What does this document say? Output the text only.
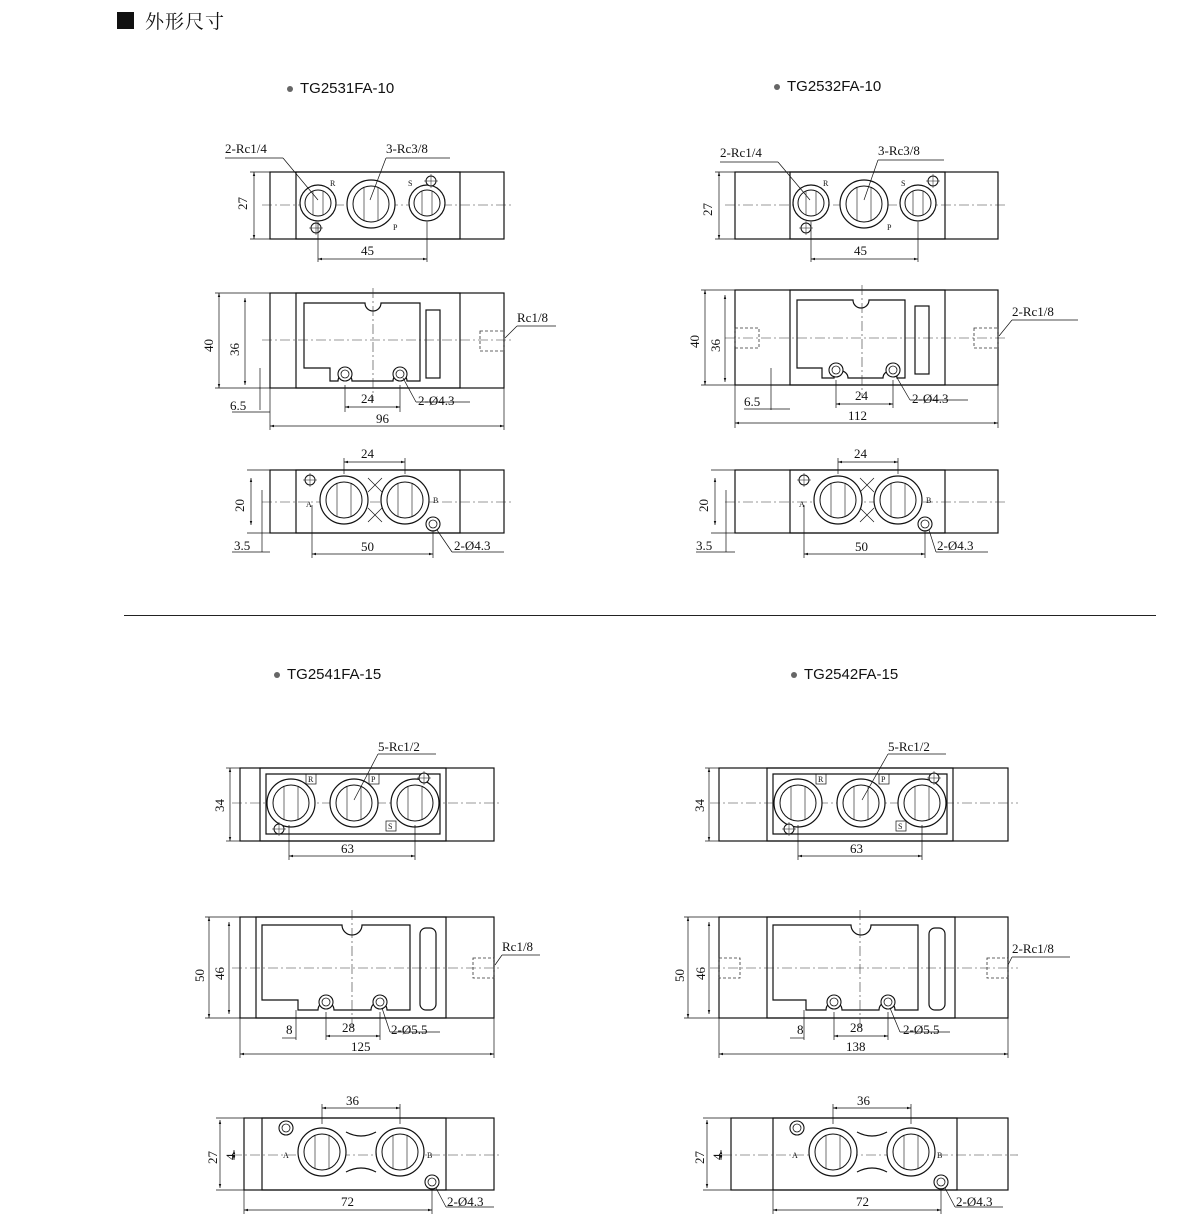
外形尺寸
TG2531FA-10	TG2532FA-10
TG2541FA-15	TG2542FA-15
R	S
P
2-Rc1/4	3-Rc3/8
27
45
Rc1/8
40 36
6.5	24	2-Ø4.3
96
A	B
24
20
3.5	50	2-Ø4.3
R	S
P
2-Rc1/4	3-Rc3/8
27
45
2-Rc1/8
40 36
6.5	24	2-Ø4.3
112
A	B
24
20
3.5	50	2-Ø4.3
R	P
S
5-Rc1/2
34
63
Rc1/8
50 46
8	28	2-Ø5.5
125
A	B
36
27 4
72	2-Ø4.3
R	P
S
5-Rc1/2
34
63
2-Rc1/8
50 46
8	28	2-Ø5.5
138
A	B
36
27 4
72	2-Ø4.3
